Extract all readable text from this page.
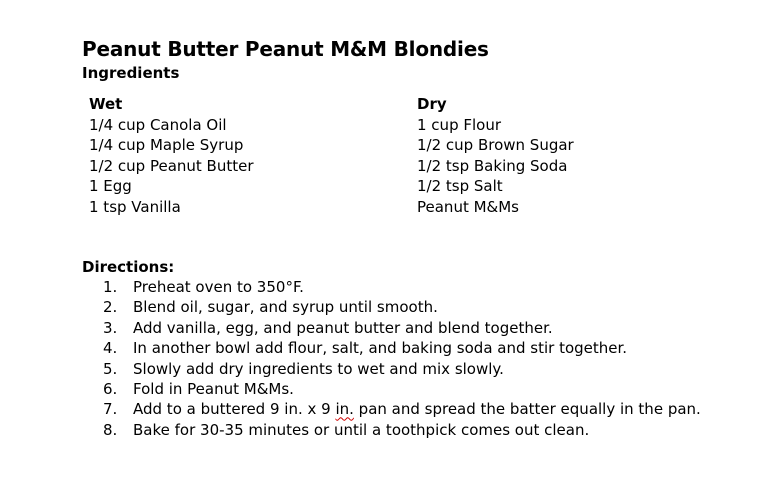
Peanut Butter Peanut M&M Blondies
Ingredients
Wet
1/4 cup Canola Oil
1/4 cup Maple Syrup
1/2 cup Peanut Butter
1 Egg
1 tsp Vanilla
Dry
1 cup Flour
1/2 cup Brown Sugar
1/2 tsp Baking Soda
1/2 tsp Salt
Peanut M&Ms
Directions:
1.	Preheat oven to 350°F.
2.	Blend oil, sugar, and syrup until smooth.
3.	Add vanilla, egg, and peanut butter and blend together.
4.	In another bowl add flour, salt, and baking soda and stir together.
5.	Slowly add dry ingredients to wet and mix slowly.
6.	Fold in Peanut M&Ms.
7.	Add to a buttered 9 in. x 9 in. pan and spread the batter equally in the pan.
8.	Bake for 30-35 minutes or until a toothpick comes out clean.
